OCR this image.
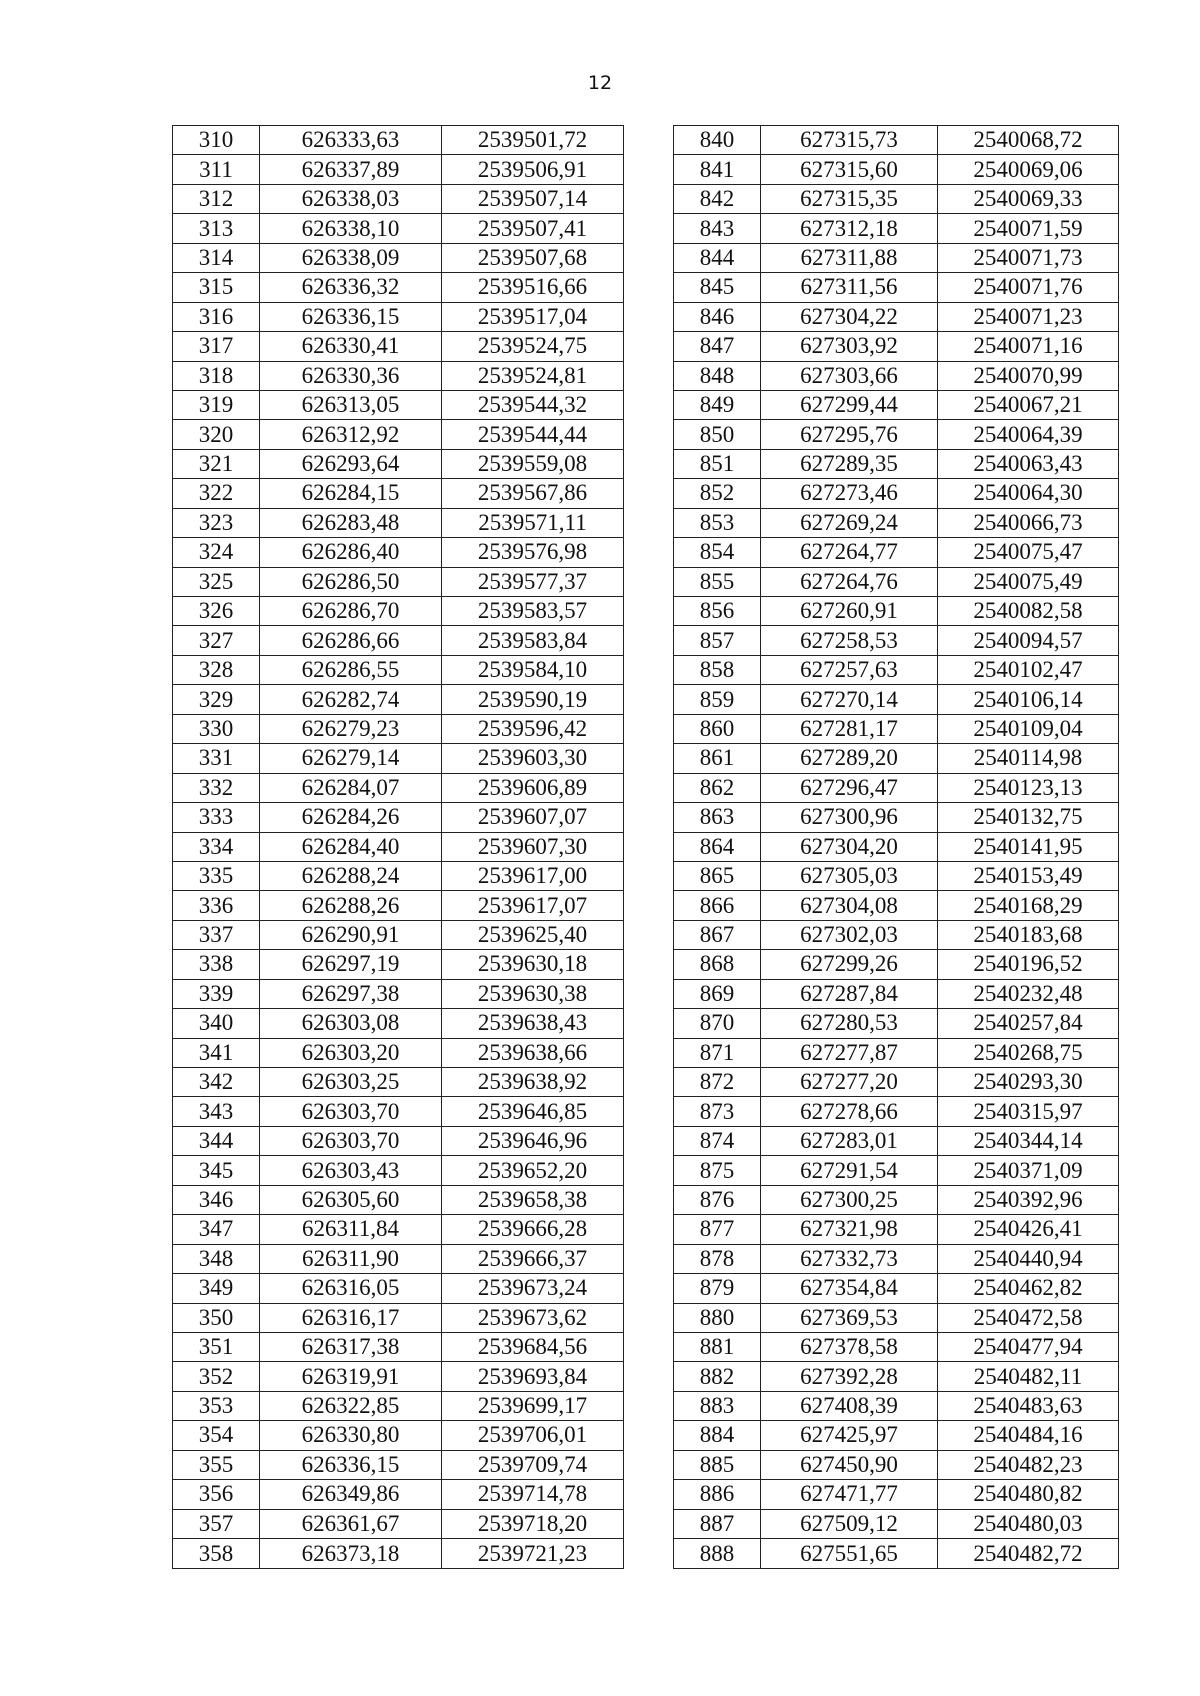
12
310	626333,63	2539501,72		840	627315,73	2540068,72
311	626337,89	2539506,91		841	627315,60	2540069,06
312	626338,03	2539507,14		842	627315,35	2540069,33
313	626338,10	2539507,41		843	627312,18	2540071,59
314	626338,09	2539507,68		844	627311,88	2540071,73
315	626336,32	2539516,66		845	627311,56	2540071,76
316	626336,15	2539517,04		846	627304,22	2540071,23
317	626330,41	2539524,75		847	627303,92	2540071,16
318	626330,36	2539524,81		848	627303,66	2540070,99
319	626313,05	2539544,32		849	627299,44	2540067,21
320	626312,92	2539544,44		850	627295,76	2540064,39
321	626293,64	2539559,08		851	627289,35	2540063,43
322	626284,15	2539567,86		852	627273,46	2540064,30
323	626283,48	2539571,11		853	627269,24	2540066,73
324	626286,40	2539576,98		854	627264,77	2540075,47
325	626286,50	2539577,37		855	627264,76	2540075,49
326	626286,70	2539583,57		856	627260,91	2540082,58
327	626286,66	2539583,84		857	627258,53	2540094,57
328	626286,55	2539584,10		858	627257,63	2540102,47
329	626282,74	2539590,19		859	627270,14	2540106,14
330	626279,23	2539596,42		860	627281,17	2540109,04
331	626279,14	2539603,30		861	627289,20	2540114,98
332	626284,07	2539606,89		862	627296,47	2540123,13
333	626284,26	2539607,07		863	627300,96	2540132,75
334	626284,40	2539607,30		864	627304,20	2540141,95
335	626288,24	2539617,00		865	627305,03	2540153,49
336	626288,26	2539617,07		866	627304,08	2540168,29
337	626290,91	2539625,40		867	627302,03	2540183,68
338	626297,19	2539630,18		868	627299,26	2540196,52
339	626297,38	2539630,38		869	627287,84	2540232,48
340	626303,08	2539638,43		870	627280,53	2540257,84
341	626303,20	2539638,66		871	627277,87	2540268,75
342	626303,25	2539638,92		872	627277,20	2540293,30
343	626303,70	2539646,85		873	627278,66	2540315,97
344	626303,70	2539646,96		874	627283,01	2540344,14
345	626303,43	2539652,20		875	627291,54	2540371,09
346	626305,60	2539658,38		876	627300,25	2540392,96
347	626311,84	2539666,28		877	627321,98	2540426,41
348	626311,90	2539666,37		878	627332,73	2540440,94
349	626316,05	2539673,24		879	627354,84	2540462,82
350	626316,17	2539673,62		880	627369,53	2540472,58
351	626317,38	2539684,56		881	627378,58	2540477,94
352	626319,91	2539693,84		882	627392,28	2540482,11
353	626322,85	2539699,17		883	627408,39	2540483,63
354	626330,80	2539706,01		884	627425,97	2540484,16
355	626336,15	2539709,74		885	627450,90	2540482,23
356	626349,86	2539714,78		886	627471,77	2540480,82
357	626361,67	2539718,20		887	627509,12	2540480,03
358	626373,18	2539721,23		888	627551,65	2540482,72
